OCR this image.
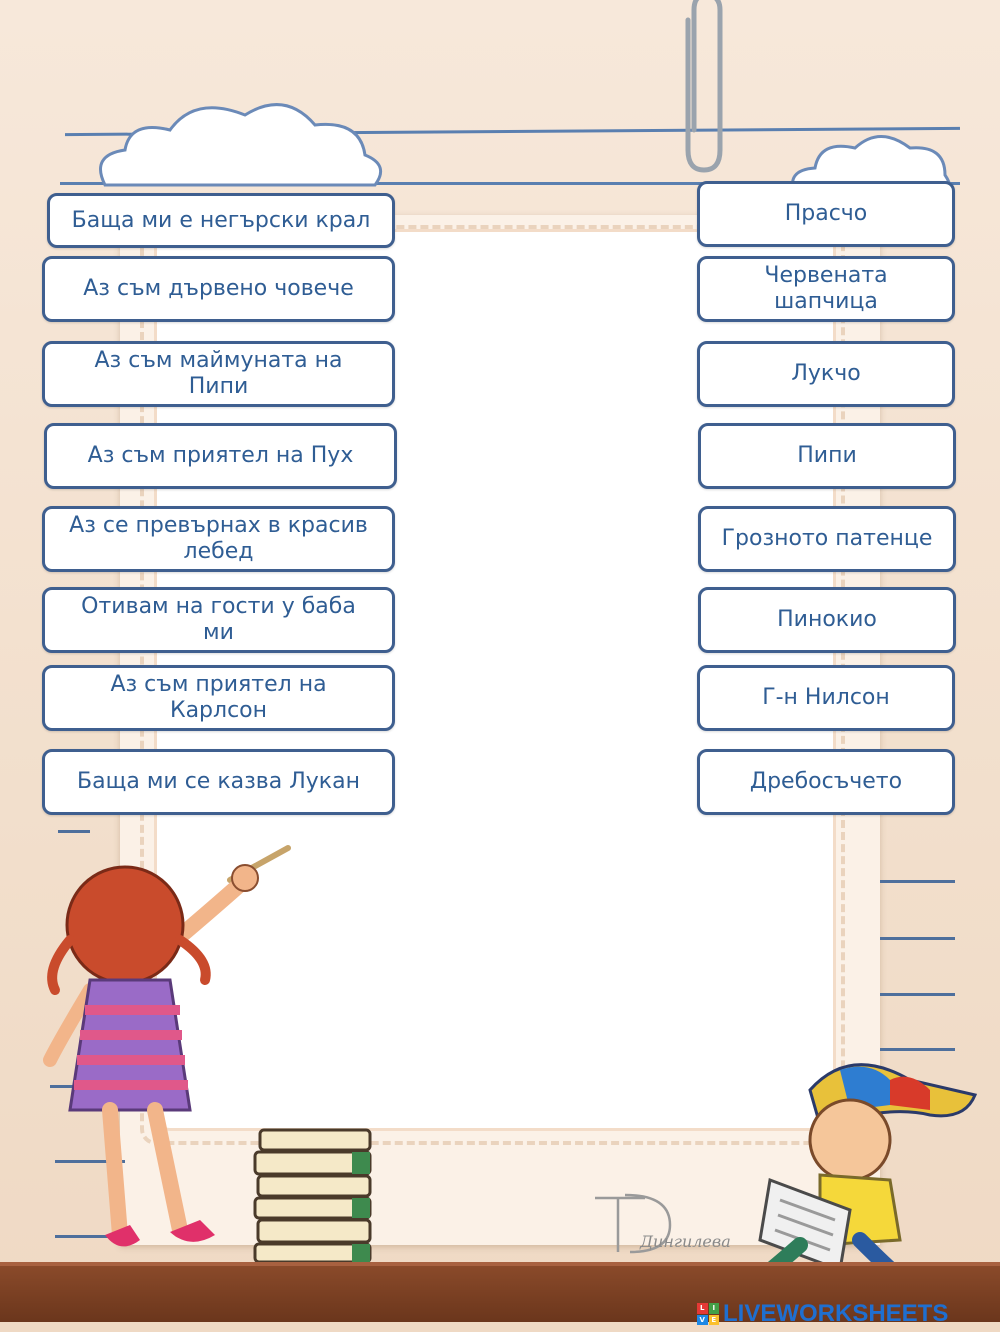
Дингилева
L	I
V E LIVEWORKSHEETS
Баща ми е негърски крал
Аз съм дървено човече
Аз съм маймуната на Пипи
Аз съм приятел на Пух
Аз се превърнах в красив лебед
Отивам на гости у баба ми
Аз съм приятел на Карлсон
Баща ми се казва Лукан
Прасчо
Червената шапчица
Лукчо
Пипи
Грозното патенце
Пинокио
Г-н Нилсон
Дребосъчето
